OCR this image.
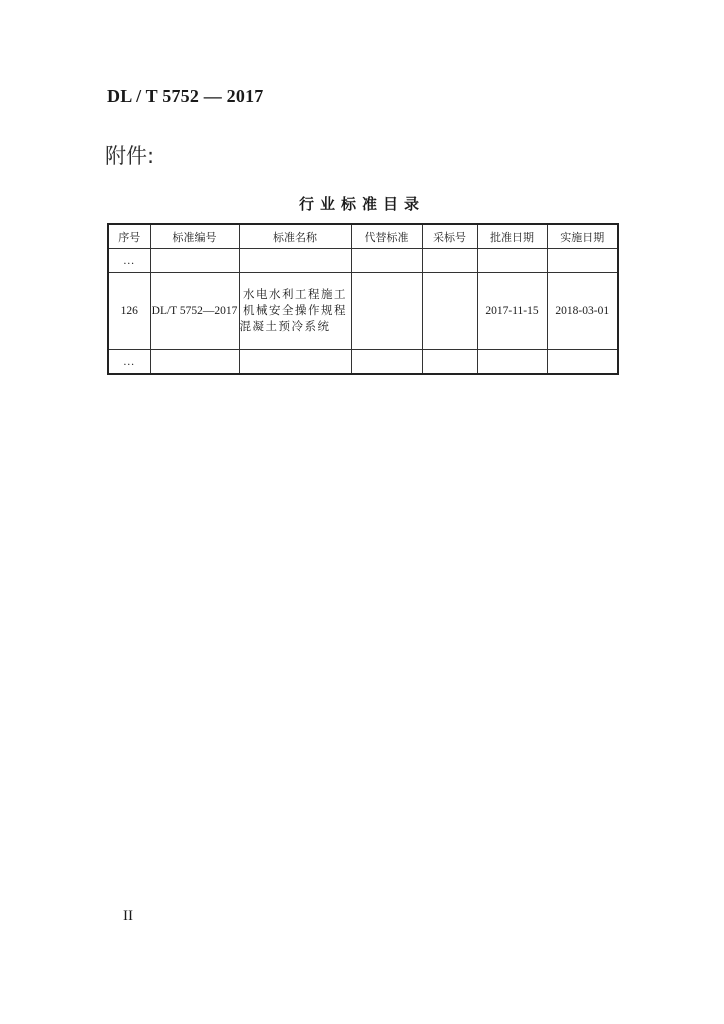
DL / T 5752 — 2017
附件:
行业标准目录
序号	标准编号	标准名称	代替标准	采标号	批准日期	实施日期
…						
126	DL/T 5752—2017	水电水利工程施工机械安全操作规程 混凝土预冷系统			2017-11-15	2018-03-01
…						
II
